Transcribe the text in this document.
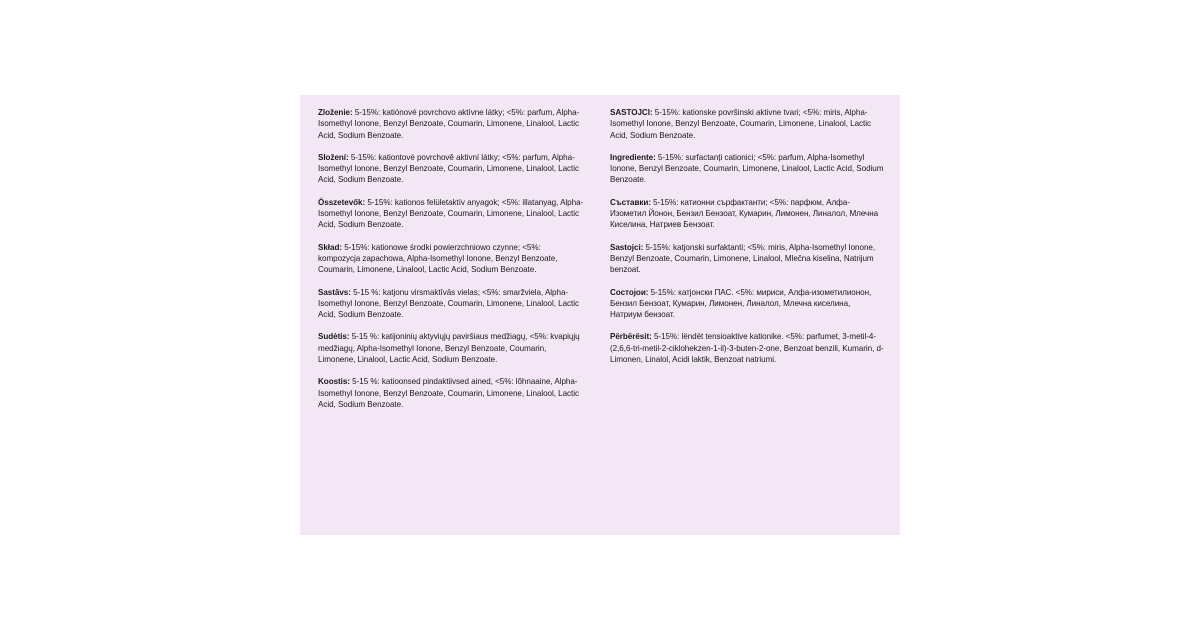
Zloženie: 5-15%: katiónové povrchovo aktívne látky; <5%: parfum, Alpha-Isomethyl Ionone, Benzyl Benzoate, Coumarin, Limonene, Linalool, Lactic Acid, Sodium Benzoate.

Složení: 5-15%: kationtové povrchově aktivní látky; <5%: parfum, Alpha-Isomethyl Ionone, Benzyl Benzoate, Coumarin, Limonene, Linalool, Lactic Acid, Sodium Benzoate.

Összetevők: 5-15%: kationos felületaktív anyagok; <5%: illatanyag, Alpha-Isomethyl Ionone, Benzyl Benzoate, Coumarin, Limonene, Linalool, Lactic Acid, Sodium Benzoate.

Skład: 5-15%: kationowe środki powierzchniowo czynne; <5%: kompozycja zapachowa, Alpha-Isomethyl Ionone, Benzyl Benzoate, Coumarin, Limonene, Linalool, Lactic Acid, Sodium Benzoate.

Sastāvs: 5-15 %: katjonu virsmaktīvās vielas; <5%: smaržviela, Alpha-Isomethyl Ionone, Benzyl Benzoate, Coumarin, Limonene, Linalool, Lactic Acid, Sodium Benzoate.

Sudėtis: 5-15 %: katijoninių aktyviųjų paviršiaus medžiagų, <5%: kvapiųjų medžiagų, Alpha-Isomethyl Ionone, Benzyl Benzoate, Coumarin, Limonene, Linalool, Lactic Acid, Sodium Benzoate.

Koostis: 5-15 %: katioonsed pindaktiivsed ained, <5%: lõhnaaine, Alpha-Isomethyl Ionone, Benzyl Benzoate, Coumarin, Limonene, Linalool, Lactic Acid, Sodium Benzoate.

SASTOJCI: 5-15%: kationske površinski aktivne tvari; <5%: miris, Alpha-Isomethyl Ionone, Benzyl Benzoate, Coumarin, Limonene, Linalool, Lactic Acid, Sodium Benzoate.

Ingrediente: 5-15%: surfactanți cationici; <5%: parfum, Alpha-Isomethyl Ionone, Benzyl Benzoate, Coumarin, Limonene, Linalool, Lactic Acid, Sodium Benzoate.

Съставки: 5-15%: катионни сърфактанти; <5%: парфюм, Алфа-Изометил Йонон, Бензил Бензоат, Кумарин, Лимонен, Линалол, Млечна Киселина, Натриев Бензоат.

Sastojci: 5-15%: katjonski surfaktanti; <5%: miris, Alpha-Isomethyl Ionone, Benzyl Benzoate, Coumarin, Limonene, Linalool, Mlečna kiselina, Natrijum benzoat.

Состојои: 5-15%: катјонски ПАС. <5%: мириси, Алфа-изометилионон, Бензил Бензоат, Кумарин, Лимонен, Линалол, Млечна киселина, Натриум бензоат.

Përbërësit: 5-15%: lëndët tensioaktive kationike. <5%: parfumet, 3-metil-4-(2,6,6-tri-metil-2-ciklohekzen-1-il)-3-buten-2-one, Benzoat benzili, Kumarin, d-Limonen, Linalol, Acidi laktik, Benzoat natriumi.
